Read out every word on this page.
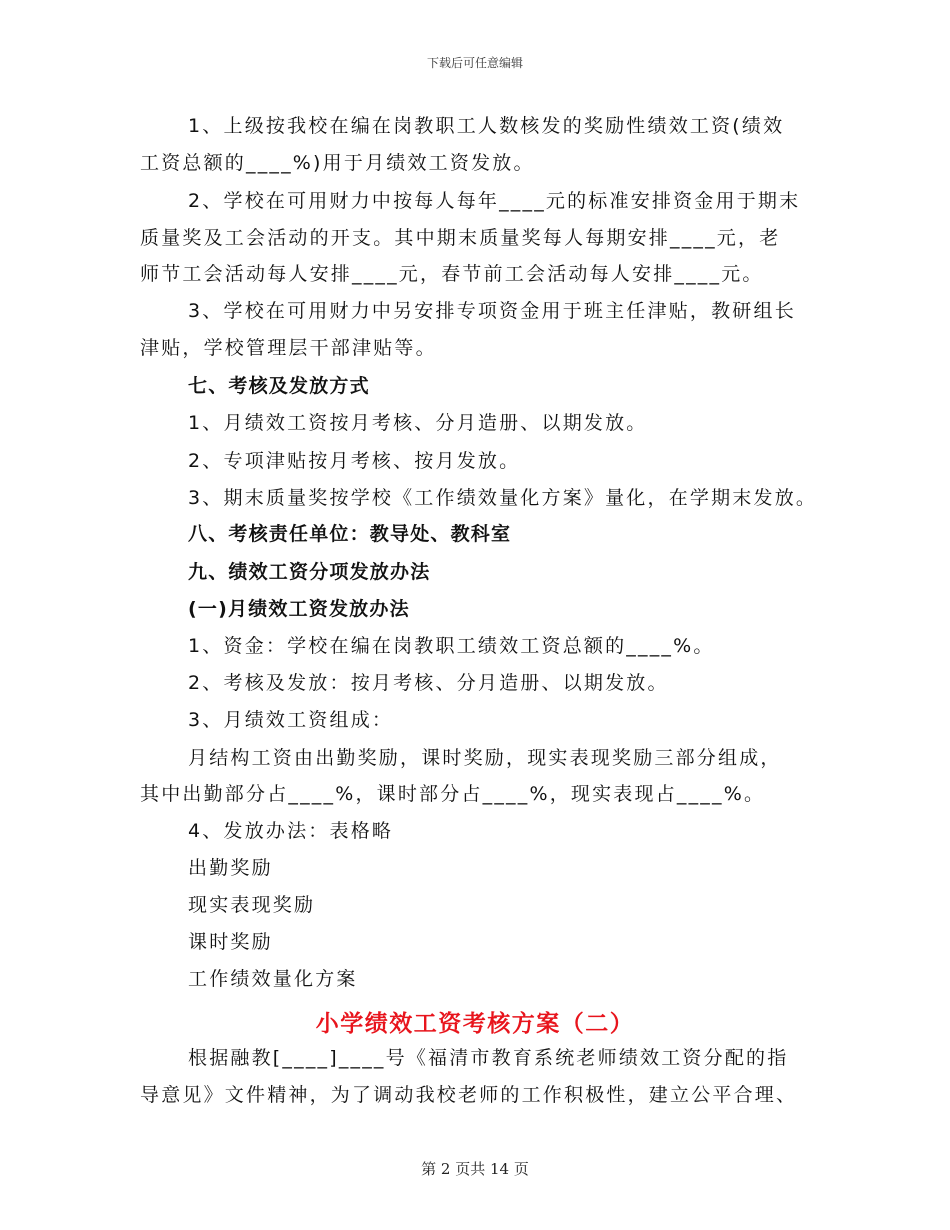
下载后可任意编辑
1、上级按我校在编在岗教职工人数核发的奖励性绩效工资(绩效
工资总额的____%)用于月绩效工资发放。
2、学校在可用财力中按每人每年____元的标准安排资金用于期末
质量奖及工会活动的开支。其中期末质量奖每人每期安排____元，老
师节工会活动每人安排____元，春节前工会活动每人安排____元。
3、学校在可用财力中另安排专项资金用于班主任津贴，教研组长
津贴，学校管理层干部津贴等。
七、考核及发放方式
1、月绩效工资按月考核、分月造册、以期发放。
2、专项津贴按月考核、按月发放。
3、期末质量奖按学校《工作绩效量化方案》量化，在学期末发放。
八、考核责任单位：教导处、教科室
九、绩效工资分项发放办法
(一)月绩效工资发放办法
1、资金：学校在编在岗教职工绩效工资总额的____%。
2、考核及发放：按月考核、分月造册、以期发放。
3、月绩效工资组成：
月结构工资由出勤奖励，课时奖励，现实表现奖励三部分组成，
其中出勤部分占____%，课时部分占____%，现实表现占____%。
4、发放办法：表格略
出勤奖励
现实表现奖励
课时奖励
工作绩效量化方案
小学绩效工资考核方案（二）
根据融教[____]____号《福清市教育系统老师绩效工资分配的指
导意见》文件精神，为了调动我校老师的工作积极性，建立公平合理、
第 2 页共 14 页
